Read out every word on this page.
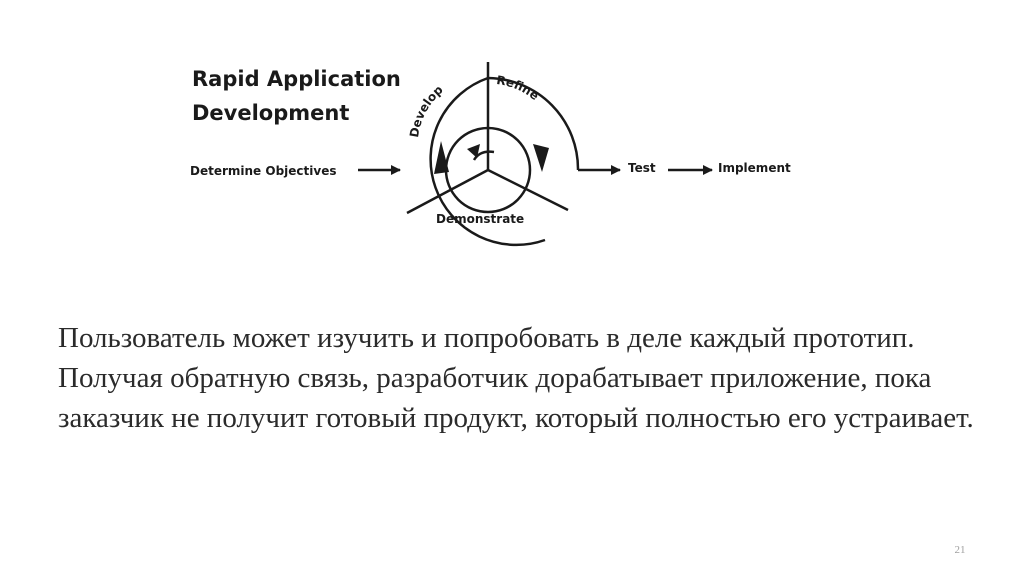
Rapid Application
Development
Determine Objectives
Develop
Refine
Demonstrate
Test	Implement

Пользователь может изучить и попробовать в деле каждый прототип. Получая обратную связь, разработчик дорабатывает приложение, пока заказчик не получит готовый продукт, который полностью его устраивает.

21
